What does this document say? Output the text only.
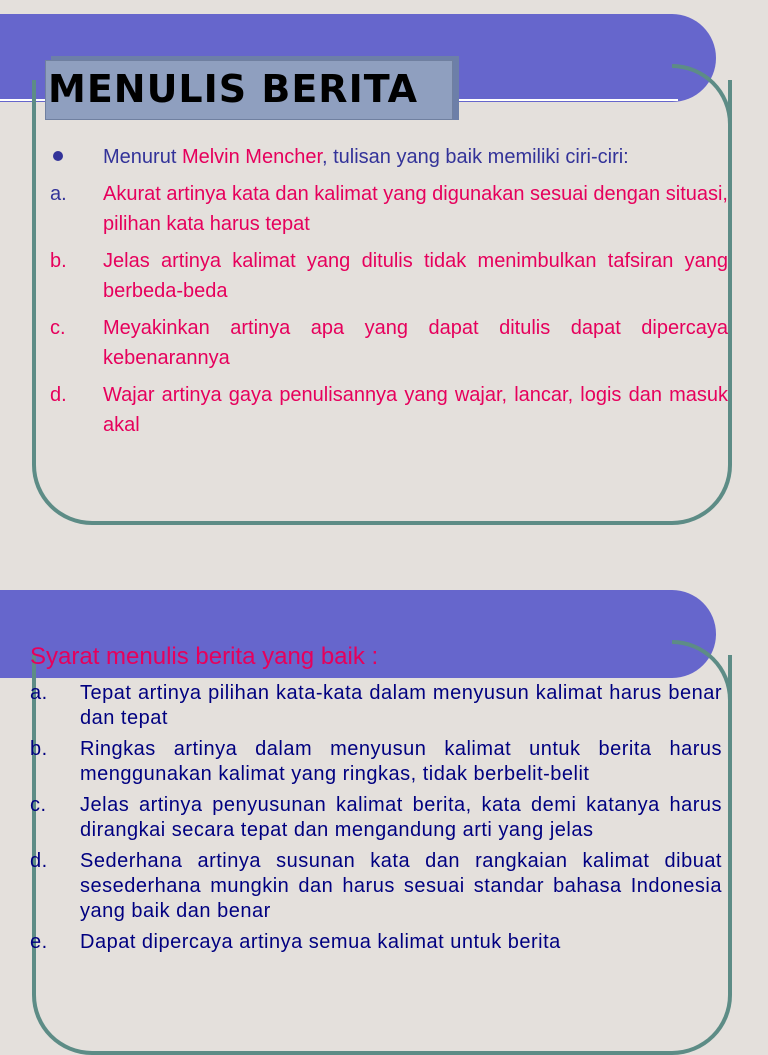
MENULIS BERITA
Menurut Melvin Mencher, tulisan yang baik memiliki ciri-ciri:
a. Akurat artinya kata dan kalimat yang digunakan sesuai dengan situasi, pilihan kata harus tepat
b. Jelas artinya kalimat yang ditulis tidak menimbulkan tafsiran yang berbeda-beda
c. Meyakinkan artinya apa yang dapat ditulis dapat dipercaya kebenarannya
d. Wajar artinya gaya penulisannya yang wajar, lancar, logis dan masuk akal
Syarat menulis berita yang baik :
a. Tepat artinya pilihan kata-kata dalam menyusun kalimat harus benar dan tepat
b. Ringkas artinya dalam menyusun kalimat untuk berita harus menggunakan kalimat yang ringkas, tidak berbelit-belit
c. Jelas artinya penyusunan kalimat berita, kata demi katanya harus dirangkai secara tepat dan mengandung arti yang jelas
d. Sederhana artinya susunan kata dan rangkaian kalimat dibuat sesederhana mungkin dan harus sesuai standar bahasa Indonesia yang baik dan benar
e. Dapat dipercaya artinya semua kalimat untuk berita
